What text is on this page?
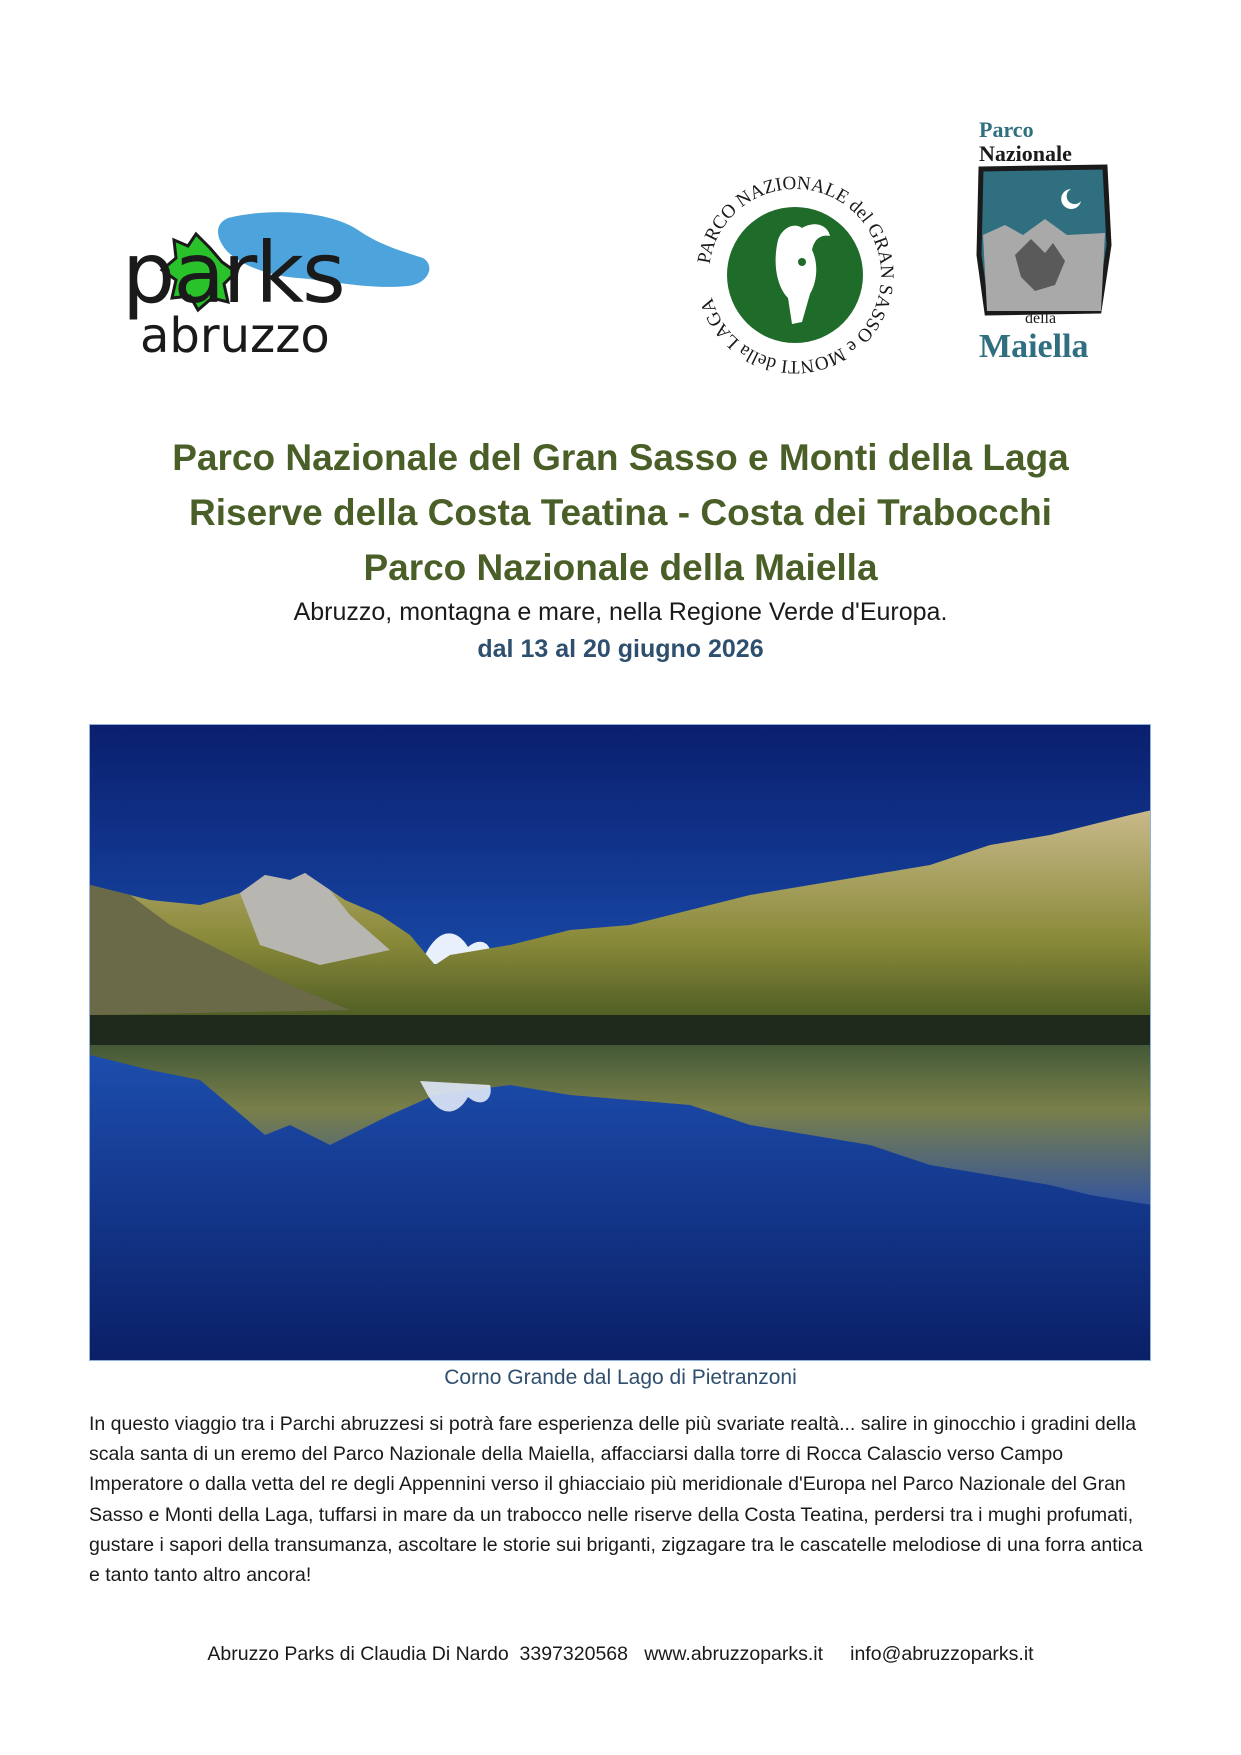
parks
abruzzo
PARCO NAZIONALE del GRAN SASSO e MONTI della LAGA
Parco
Nazionale
della
Maiella

Parco Nazionale del Gran Sasso e Monti della Laga

Riserve della Costa Teatina - Costa dei Trabocchi

Parco Nazionale della Maiella

Abruzzo, montagna e mare, nella Regione Verde d'Europa.

dal 13 al 20 giugno 2026

Corno Grande dal Lago di Pietranzoni

In questo viaggio tra i Parchi abruzzesi si potrà fare esperienza delle più svariate realtà... salire in ginocchio i gradini della scala santa di un eremo del Parco Nazionale della Maiella, affacciarsi dalla torre di Rocca Calascio verso Campo Imperatore o dalla vetta del re degli Appennini verso il ghiacciaio più meridionale d'Europa nel Parco Nazionale del Gran Sasso e Monti della Laga, tuffarsi in mare da un trabocco nelle riserve della Costa Teatina, perdersi tra i mughi profumati, gustare i sapori della transumanza, ascoltare le storie sui briganti, zigzagare tra le cascatelle melodiose di una forra antica e tanto tanto altro ancora!

Abruzzo Parks di Claudia Di Nardo  3397320568   www.abruzzoparks.it     info@abruzzoparks.it
